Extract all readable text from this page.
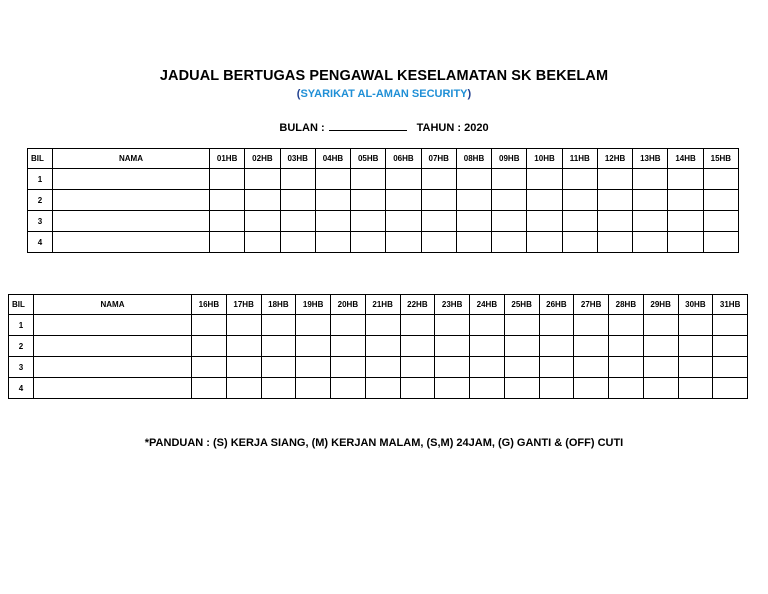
JADUAL BERTUGAS PENGAWAL KESELAMATAN SK BEKELAM
(SYARIKAT AL-AMAN SECURITY)
BULAN :	TAHUN : 2020
BIL	NAMA	01HB	02HB	03HB	04HB	05HB	06HB	07HB	08HB	09HB	10HB	11HB	12HB	13HB	14HB	15HB
1																
2																
3																
4																
BIL	NAMA	16HB	17HB	18HB	19HB	20HB	21HB	22HB	23HB	24HB	25HB	26HB	27HB	28HB	29HB	30HB	31HB
1																	
2																	
3																	
4																	
*PANDUAN : (S) KERJA SIANG, (M) KERJAN MALAM, (S,M) 24JAM, (G) GANTI & (OFF) CUTI
